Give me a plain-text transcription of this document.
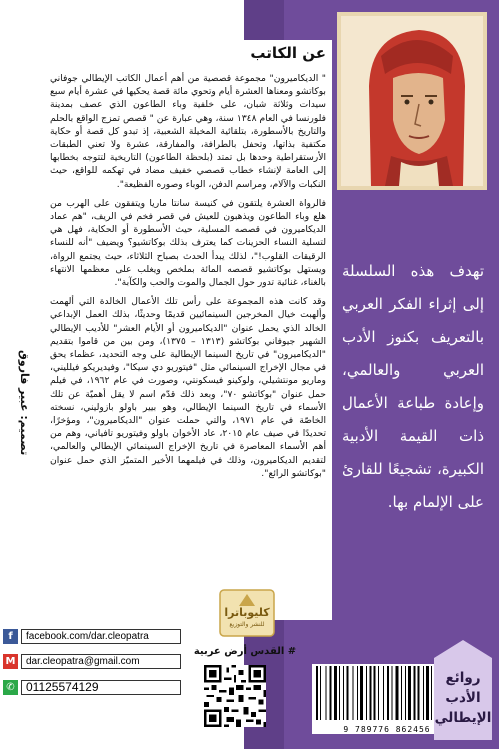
عن الكاتب

" الديكاميرون" مجموعة قصصية من أهم أعمال الكاتب الإيطالي جوفاني بوكاتشو ومعناها العشرة أيام وتحوي مائة قصة يحكيها في عشرة أيام سبع سيدات وثلاثة شبان، على خلفية وباء الطاعون الذي عصف بمدينة فلورنسا في العام ١٣٤٨ سنة، وهي عبارة عن " قصص تمزج الواقع بالحلم والتاريخ بالأسطورة، بتلقائية المخيلة الشعبية، إذ تبدو كل قصة أو حكاية مكتفية بذاتها، وتحفل بالطرافة، والمفارقة، عشرة ولا تعني الطبقات الأرستقراطية وحدها بل تمتد (بلحظة الطاعون) التاريخية لتتوجه بخطابها إلى العامة لإنشاء خطاب قصصي خفيف مضاد في تهكمه للواقع، حيث النكبات والآلام، ومراسم الدفن، الوباء وصوره الفظيعة".

فالرواة العشرة يلتقون في كنيسة سانتا ماريا ويتفقون على الهرب من هلع وباء الطاعون ويذهبون للعيش في قصر فخم في الريف، "هم عماد الديكاميرون في قصصه المسلية، حيث الأسطورة أو الحكاية، فهل هي لتسلية النساء الحزينات كما يعترف بذلك بوكاتشيو؟ ويضيف "أنه للنساء الرقيقات القلوب!"، لذلك يبدأ الحدث بصباح الثلاثاء، حيث يجتمع الرواة، ويستهل بوكاتشيو قصصه المائة بملخص ويغلب على معظمها الانتهاء بالغناء، غنائية تدور حول الجمال والموت والحب والكآبة".

وقد كانت هذه المجموعة على رأس تلك الأعمال الخالدة التي ألهمت وألهبت خيال المخرجين السينمائيين قديمًا وحديثًا، بذلك العمل الإبداعي الخالد الذي يحمل عنوان "الديكاميرون أو الأيام العشر" للأديب الإيطالي الشهير جيوفاني بوكاتشو (١٣١٣ – ١٣٧٥)، ومن بين من قاموا بتقديم "الديكاميرون" في تاريخ السينما الإيطالية على وجه التحديد، عظماء يحق في مجال الإخراج السينمائي مثل "فيتوريو دي سيكا"، وفيديريكو فيلليني، وماريو مونتشيلي، ولوكينو فيسكونتي، وصورت في عام ١٩٦٢، في فيلم حمل عنوان "بوكاتشو ٧٠"، وبعد ذلك قدّم اسم لا يقل أهميّة عن تلك الأسماء في تاريخ السينما الإيطالي، وهو بيير باولو بازوليني، نسخته الخاصّة في عام ١٩٧١، والتي حملت عنوان "الديكاميرون"، ومؤخرًا، تحديدًا في صيف عام ٢٠١٥، عاد الأخوان باولو وفيتوريو تافياني، وهم من أهم الأسماء المعاصرة في تاريخ الإخراج السينمائي الإيطالي والعالمي، لتقديم الديكاميرون، وذلك في فيلمهما الأخير المتميّز الذي حمل عنوان "بوكاتشو الرائع".

تصميم: عبير فاروق
تهدف هذه السلسلة إلى إثراء الفكر العربي بالتعريف بكنوز الأدب العربي والعالمي، وإعادة طباعة الأعمال ذات القيمة الأدبية الكبيرة، تشجيعًا للقارئ على الإلمام بها.
f	facebook.com/dar.cleopatra
M	dar.cleopatra@gmail.com
✆ 01125574129
كليوباترا
للنشر والتوزيع
# القدس أرض عربية
9 789776 862456
روائع
الأدب
الإيطالي
